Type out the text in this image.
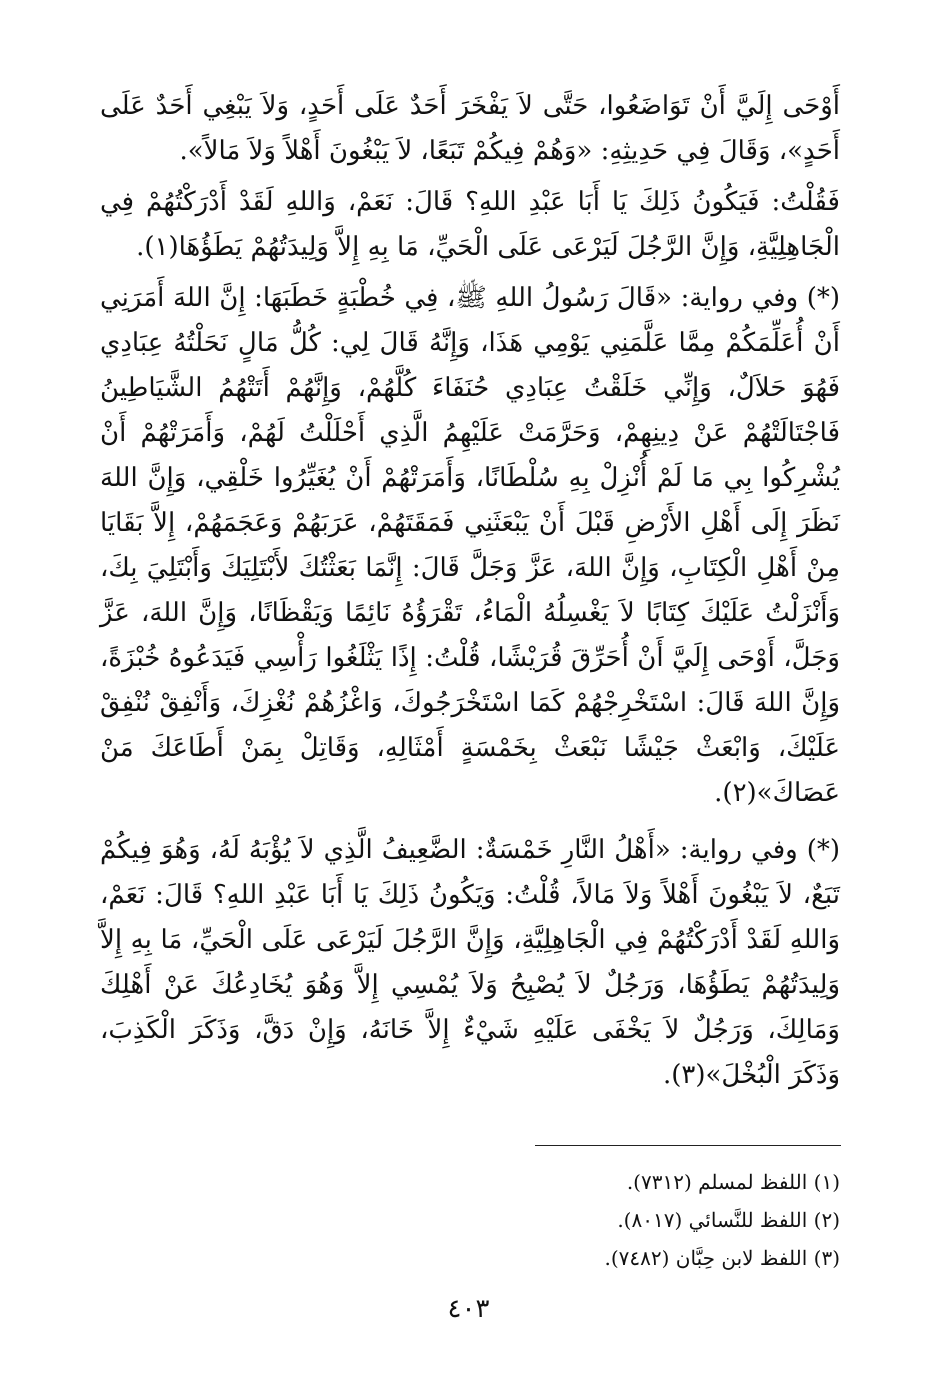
أَوْحَى إِلَيَّ أَنْ تَوَاضَعُوا، حَتَّى لاَ يَفْخَرَ أَحَدٌ عَلَى أَحَدٍ، وَلاَ يَبْغِي أَحَدٌ عَلَى أَحَدٍ»، وَقَالَ فِي حَدِيثِهِ: «وَهُمْ فِيكُمْ تَبَعًا، لاَ يَبْغُونَ أَهْلاً وَلاَ مَالاً».

فَقُلْتُ: فَيَكُونُ ذَلِكَ يَا أَبَا عَبْدِ اللهِ؟ قَالَ: نَعَمْ، وَاللهِ لَقَدْ أَدْرَكْتُهُمْ فِي الْجَاهِلِيَّةِ، وَإِنَّ الرَّجُلَ لَيَرْعَى عَلَى الْحَيِّ، مَا بِهِ إِلاَّ وَلِيدَتُهُمْ يَطَؤُهَا(١).

(*) وفي رواية: «قَالَ رَسُولُ اللهِ ﷺ، فِي خُطْبَةٍ خَطَبَهَا: إِنَّ اللهَ أَمَرَنِي أَنْ أُعَلِّمَكُمْ مِمَّا عَلَّمَنِي يَوْمِي هَذَا، وَإِنَّهُ قَالَ لِي: كُلُّ مَالٍ نَحَلْتُهُ عِبَادِي فَهُوَ حَلاَلٌ، وَإِنِّي خَلَقْتُ عِبَادِي حُنَفَاءَ كُلَّهُمْ، وَإِنَّهُمْ أَتَتْهُمُ الشَّيَاطِينُ فَاجْتَالَتْهُمْ عَنْ دِينِهِمْ، وَحَرَّمَتْ عَلَيْهِمُ الَّذِي أَحْلَلْتُ لَهُمْ، وَأَمَرَتْهُمْ أَنْ يُشْرِكُوا بِي مَا لَمْ أُنْزِلْ بِهِ سُلْطَانًا، وَأَمَرَتْهُمْ أَنْ يُغَيِّرُوا خَلْقِي، وَإِنَّ اللهَ نَظَرَ إِلَى أَهْلِ الأَرْضِ قَبْلَ أَنْ يَبْعَثَنِي فَمَقَتَهُمْ، عَرَبَهُمْ وَعَجَمَهُمْ، إِلاَّ بَقَايَا مِنْ أَهْلِ الْكِتَابِ، وَإِنَّ اللهَ، عَزَّ وَجَلَّ قَالَ: إِنَّمَا بَعَثْتُكَ لأَبْتَلِيَكَ وَأَبْتَلِيَ بِكَ، وَأَنْزَلْتُ عَلَيْكَ كِتَابًا لاَ يَغْسِلُهُ الْمَاءُ، تَقْرَؤُهُ نَائِمًا وَيَقْظَانًا، وَإِنَّ اللهَ، عَزَّ وَجَلَّ، أَوْحَى إِلَيَّ أَنْ أُحَرِّقَ قُرَيْشًا، قُلْتُ: إِذًا يَثْلَغُوا رَأْسِي فَيَدَعُوهُ خُبْزَةً، وَإِنَّ اللهَ قَالَ: اسْتَخْرِجْهُمْ كَمَا اسْتَخْرَجُوكَ، وَاغْزُهُمْ نُغْزِكَ، وَأَنْفِقْ نُنْفِقْ عَلَيْكَ، وَابْعَثْ جَيْشًا نَبْعَثْ بِخَمْسَةٍ أَمْثَالِهِ، وَقَاتِلْ بِمَنْ أَطَاعَكَ مَنْ عَصَاكَ»(٢).

(*) وفي رواية: «أَهْلُ النَّارِ خَمْسَةٌ: الضَّعِيفُ الَّذِي لاَ يُؤْبَهُ لَهُ، وَهُوَ فِيكُمْ تَبَعٌ، لاَ يَبْغُونَ أَهْلاً وَلاَ مَالاً، قُلْتُ: وَيَكُونُ ذَلِكَ يَا أَبَا عَبْدِ اللهِ؟ قَالَ: نَعَمْ، وَاللهِ لَقَدْ أَدْرَكْتُهُمْ فِي الْجَاهِلِيَّةِ، وَإِنَّ الرَّجُلَ لَيَرْعَى عَلَى الْحَيِّ، مَا بِهِ إِلاَّ وَلِيدَتُهُمْ يَطَؤُهَا، وَرَجُلٌ لاَ يُصْبِحُ وَلاَ يُمْسِي إِلاَّ وَهُوَ يُخَادِعُكَ عَنْ أَهْلِكَ وَمَالِكَ، وَرَجُلٌ لاَ يَخْفَى عَلَيْهِ شَيْءٌ إِلاَّ خَانَهُ، وَإِنْ دَقَّ، وَذَكَرَ الْكَذِبَ، وَذَكَرَ الْبُخْلَ»(٣).

(١) اللفظ لمسلم (٧٣١٢).
(٢) اللفظ للنَّسائي (٨٠١٧).
(٣) اللفظ لابن حِبَّان (٧٤٨٢).
٤٠٣
